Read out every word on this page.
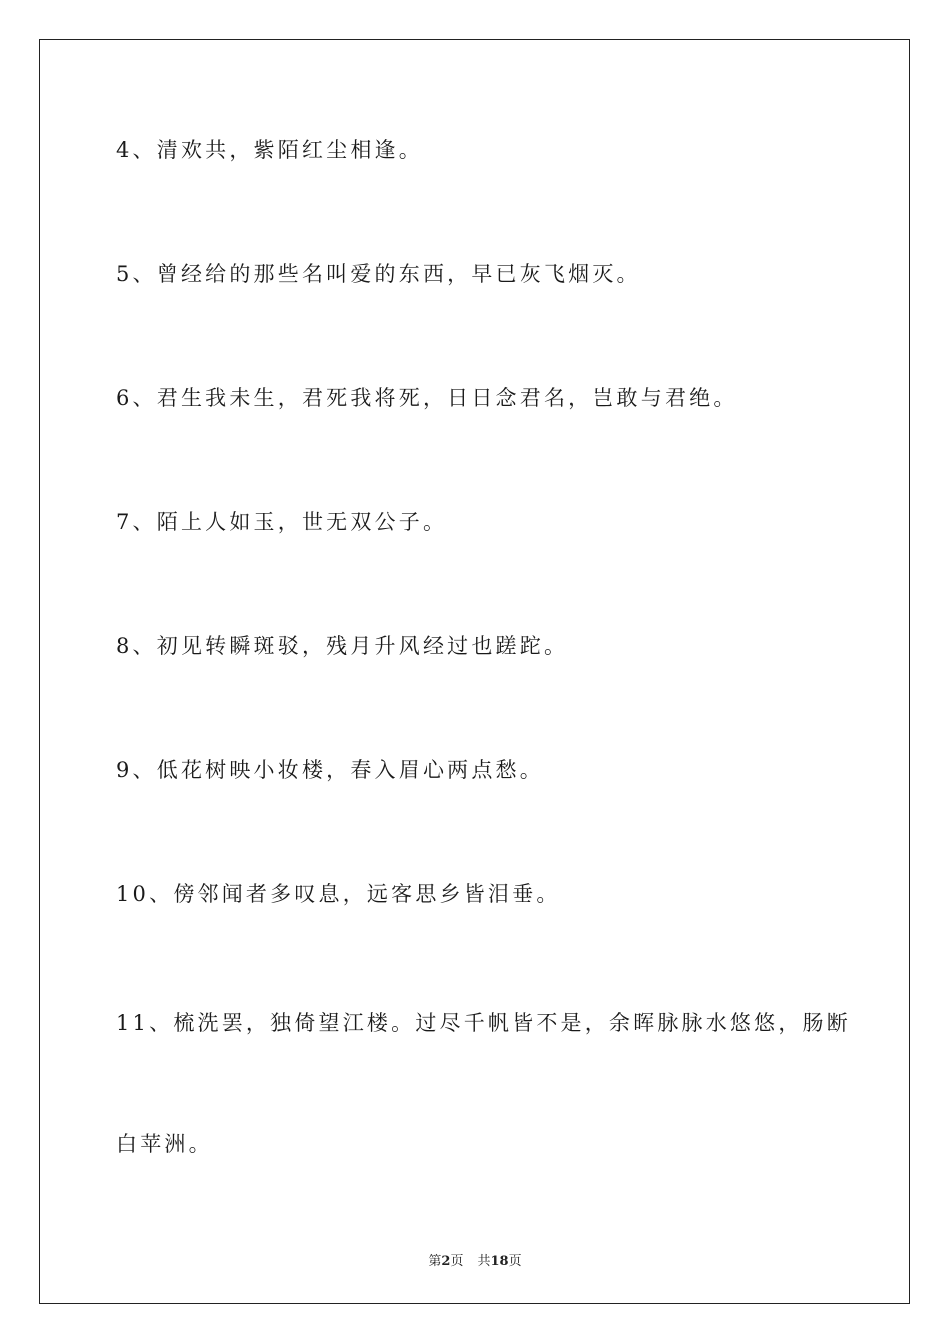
4、清欢共，紫陌红尘相逢。
5、曾经给的那些名叫爱的东西，早已灰飞烟灭。
6、君生我未生，君死我将死，日日念君名，岂敢与君绝。
7、陌上人如玉，世无双公子。
8、初见转瞬斑驳，残月升风经过也蹉跎。
9、低花树映小妆楼，春入眉心两点愁。
10、傍邻闻者多叹息，远客思乡皆泪垂。
11、梳洗罢，独倚望江楼。过尽千帆皆不是，余晖脉脉水悠悠，肠断
白苹洲。
第2页 共18页
